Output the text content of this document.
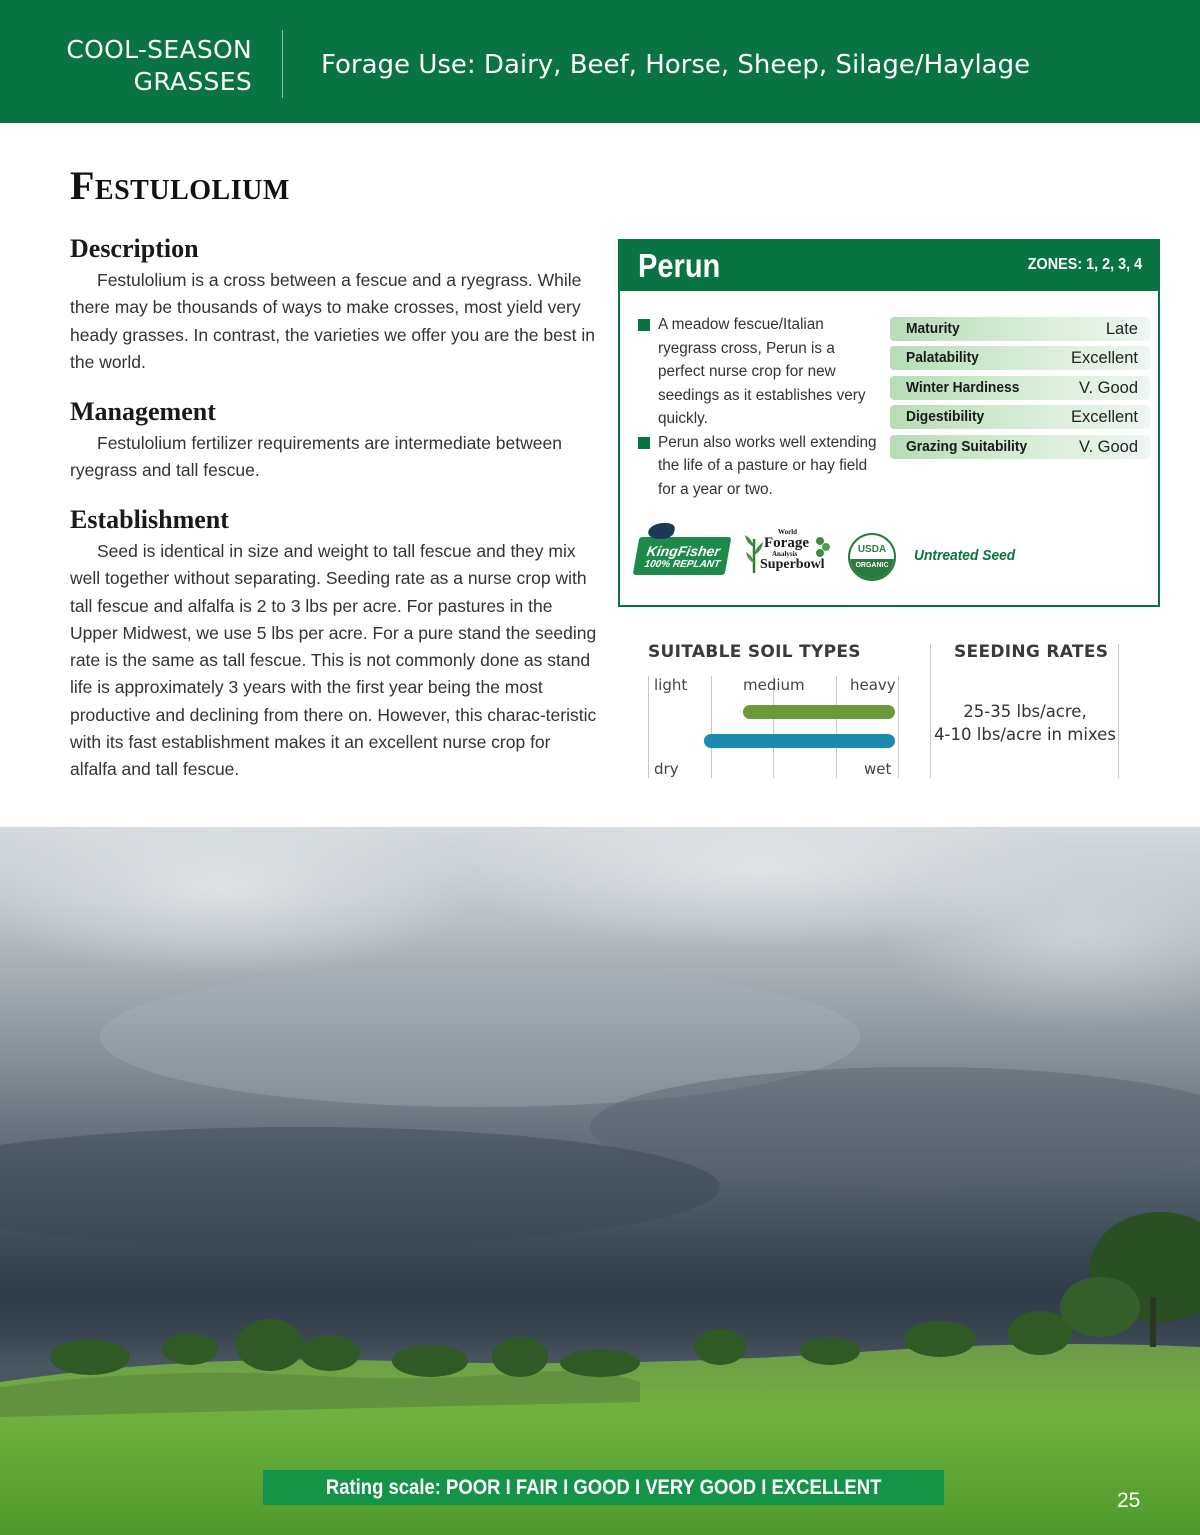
COOL-SEASON
GRASSES
Forage Use: Dairy, Beef, Horse, Sheep, Silage/Haylage
Festulolium
Description

Festulolium is a cross between a fescue and a ryegrass. While there may be thousands of ways to make crosses, most yield very heady grasses. In contrast, the varieties we offer you are the best in the world.

Management

Festulolium fertilizer requirements are intermediate between ryegrass and tall fescue.

Establishment

Seed is identical in size and weight to tall fescue and they mix well together without separating. Seeding rate as a nurse crop with tall fescue and alfalfa is 2 to 3 lbs per acre. For pastures in the Upper Midwest, we use 5 lbs per acre. For a pure stand the seeding rate is the same as tall fescue. This is not commonly done as stand life is approximately 3 years with the first year being the most productive and declining from there on. However, this charac-teristic with its fast establishment makes it an excellent nurse crop for alfalfa and tall fescue.

Perun	ZONES: 1, 2, 3, 4
A meadow fescue/Italian ryegrass cross, Perun is a perfect nurse crop for new seedings as it establishes very quickly.
Perun also works well extending the life of a pasture or hay field for a year or two.
Maturity	Late
Palatability	Excellent
Winter Hardiness	V. Good
Digestibility	Excellent
Grazing Suitability	V. Good
KingFisher
100% REPLANT
World
Forage
Analysis
Superbowl
USDA
ORGANIC
Untreated Seed
SUITABLE SOIL TYPES
light	medium	heavy
dry	wet
SEEDING RATES
25-35 lbs/acre,
4-10 lbs/acre in mixes
Rating scale: POOR I FAIR I GOOD I VERY GOOD I EXCELLENT
25
